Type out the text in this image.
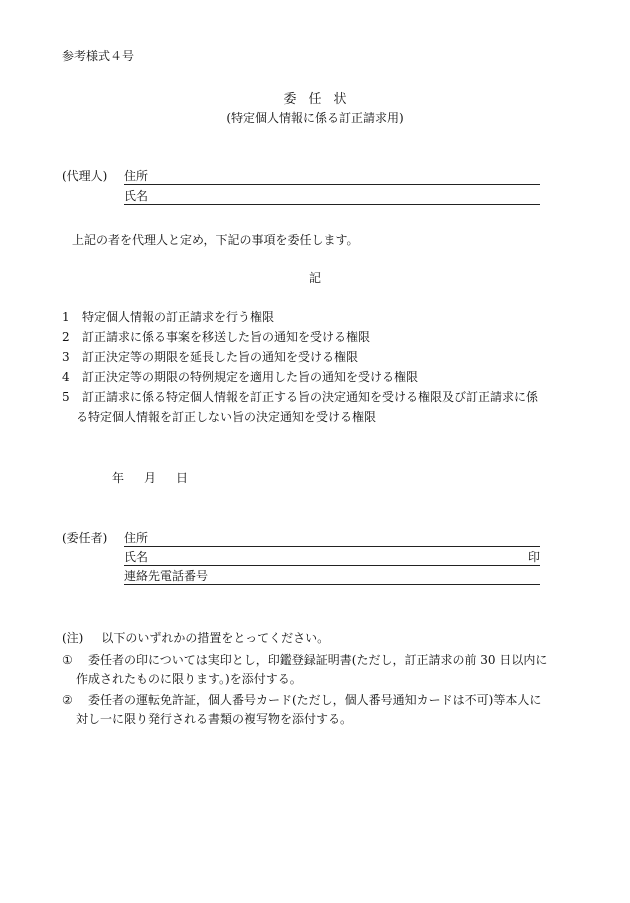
参考様式４号
委任状
(特定個人情報に係る訂正請求用)
(代理人) 住所
氏名
上記の者を代理人と定め，下記の事項を委任します。
記
1 特定個人情報の訂正請求を行う権限
2 訂正請求に係る事案を移送した旨の通知を受ける権限
3 訂正決定等の期限を延長した旨の通知を受ける権限
4 訂正決定等の期限の特例規定を適用した旨の通知を受ける権限
5 訂正請求に係る特定個人情報を訂正する旨の決定通知を受ける権限及び訂正請求に係
る特定個人情報を訂正しない旨の決定通知を受ける権限
年 月 日
(委任者) 住所
氏名	印
連絡先電話番号
(注) 以下のいずれかの措置をとってください。
① 委任者の印については実印とし，印鑑登録証明書(ただし，訂正請求の前 30 日以内に
作成されたものに限ります。)を添付する。
② 委任者の運転免許証，個人番号カード(ただし，個人番号通知カードは不可)等本人に
対し一に限り発行される書類の複写物を添付する。
